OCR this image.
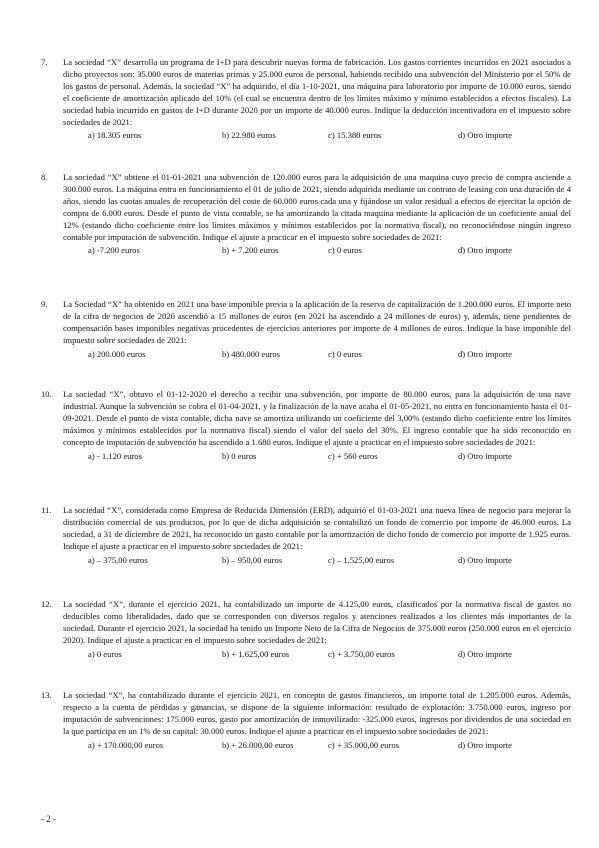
7. La sociedad “X” desarrolla un programa de I+D para descubrir nuevas forma de fabricación. Los gastos corrientes incurridos en 2021 asociados a dicho proyectos son: 35.000 euros de materias primas y 25.000 euros de personal, habiendo recibido una subvención del Ministerio por el 50% de los gastos de personal. Además, la sociedad “X” ha adquirido, el día 1-10-2021, una máquina para laboratorio por importe de 10.000 euros, siendo el coeficiente de amortización aplicado del 10% (el cual se encuentra dentro de los límites máximo y mínimo establecidos a efectos fiscales). La sociedad había incurrido en gastos de I+D durante 2020 por un importe de 40.000 euros. Indique la deducción incentivadora en el impuesto sobre sociedades de 2021:
a) 18.305 euros	b) 22.980 euros	c) 15.380 euros	d) Otro importe
8. La sociedad “X” obtiene el 01-01-2021 una subvención de 120.000 euros para la adquisición de una maquina cuyo precio de compra asciende a 300.000 euros. La máquina entra en funcionamiento el 01 de julio de 2021, siendo adquirida mediante un contrato de leasing con una duración de 4 años, siendo las cuotas anuales de recuperación del coste de 60.000 euros cada una y fijándose un valor residual a efectos de ejercitar la opción de compra de 6.000 euros. Desde el punto de vista contable, se ha amortizando la citada maquina mediante la aplicación de un coeficiente anual del 12% (estando dicho coeficiente entre los límites máximos y mínimos establecidos por la normativa fiscal), no reconociéndose ningún ingreso contable por imputación de subvención. Indique el ajuste a practicar en el impuesto sobre sociedades de 2021:
a) -7.200 euros	b) + 7.200 euros	c) 0 euros	d) Otro importe
9. La Sociedad “X” ha obtenido en 2021 una base imponible previa a la aplicación de la reserva de capitalización de 1.200.000 euros. El importe neto de la cifra de negocios de 2020 ascendió a 15 millones de euros (en 2021 ha ascendido a 24 millones de euros) y, además, tiene pendientes de compensación bases imponibles negativas procedentes de ejercicios anteriores por importe de 4 millones de euros. Indique la base imponible del impuesto sobre sociedades de 2021:
a) 200.000 euros	b) 480.000 euros	c) 0 euros	d) Otro importe
10. La sociedad “X”, obtuvo el 01-12-2020 el derecho a recibir una subvención, por importe de 80.000 euros, para la adquisición de una nave industrial. Aunque la subvención se cobra el 01-04-2021, y la finalización de la nave acaba el 01-05-2021, no entra en funcionamiento hasta el 01-09-2021. Desde el punto de vista contable, dicha nave se amortiza utilizando un coeficiente del 3,00% (estando dicho coeficiente entre los límites máximos y mínimos establecidos por la normativa fiscal) siendo el valor del suelo del 30%. El ingreso contable que ha sido reconocido en concepto de imputación de subvención ha ascendido a 1.680 euros. Indique el ajuste a practicar en el impuesto sobre sociedades de 2021:
a) - 1.120 euros	b) 0 euros	c) + 560 euros	d) Otro importe
11. La sociedad “X”, considerada como Empresa de Reducida Dimensión (ERD), adquirió el 01-03-2021 una nueva línea de negocio para mejorar la distribución comercial de sus productos, por lo que de dicha adquisición se contabilizó un fondo de comercio por importe de 46.000 euros. La sociedad, a 31 de diciembre de 2021, ha reconocido un gasto contable por la amortización de dicho fondo de comercio por importe de 1.925 euros. Indique el ajuste a practicar en el impuesto sobre sociedades de 2021:
a) – 375,00 euros	b) – 950,00 euros	c) – 1.525,00 euros	d) Otro importe
12. La sociedad “X”, durante el ejercicio 2021, ha contabilizado un importe de 4.125,00 euros, clasificados por la normativa fiscal de gastos no deducibles como liberalidades, dado que se corresponden con diversos regalos y atenciones realizados a los clientes más importantes de la sociedad. Durante el ejercicio 2021, la sociedad ha tenido un Importe Neto de la Cifra de Negocios de 375.000 euros (250.000 euros en el ejercicio 2020). Indique el ajuste a practicar en el impuesto sobre sociedades de 2021:
a) 0 euros	b) + 1.625,00 euros	c) + 3.750,00 euros	d) Otro importe
13. La sociedad “X”, ha contabilizado durante el ejercicio 2021, en concepto de gastos financieros, un importe total de 1.205.000 euros. Además, respecto a la cuenta de pérdidas y ganancias, se dispone de la siguiente información: resultado de explotación: 3.750.000 euros, ingreso por imputación de subvenciones: 175.000 euros, gasto por amortización de inmovilizado: -325.000 euros, ingresos por dividendos de una sociedad en la que participa en un 1% de su capital: 30.000 euros. Indique el ajuste a practicar en el impuesto sobre sociedades de 2021:
a) + 170.000,00 euros	b) + 26.000,00 euros	c) + 35.000,00 euros	d) Otro importe
- 2 -
